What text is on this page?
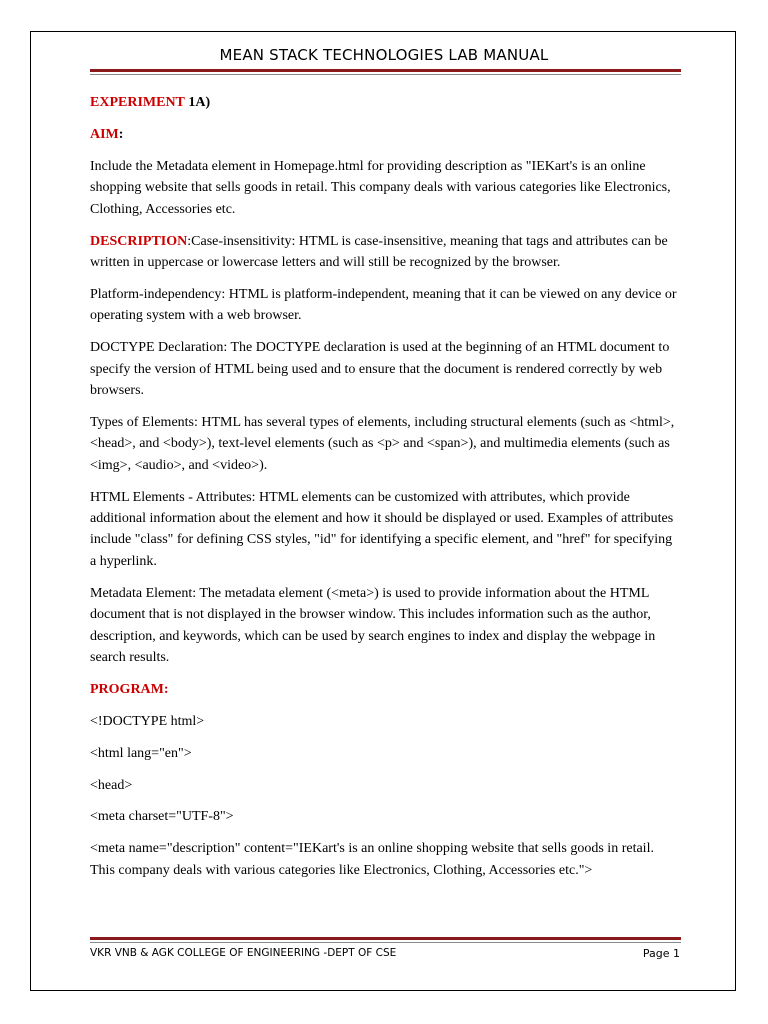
MEAN STACK TECHNOLOGIES LAB MANUAL

EXPERIMENT 1A)

AIM:

Include the Metadata element in Homepage.html for providing description as "IEKart's is an online shopping website that sells goods in retail. This company deals with various categories like Electronics, Clothing, Accessories etc.

DESCRIPTION:Case-insensitivity: HTML is case-insensitive, meaning that tags and attributes can be written in uppercase or lowercase letters and will still be recognized by the browser.

Platform-independency: HTML is platform-independent, meaning that it can be viewed on any device or operating system with a web browser.

DOCTYPE Declaration: The DOCTYPE declaration is used at the beginning of an HTML document to specify the version of HTML being used and to ensure that the document is rendered correctly by web browsers.

Types of Elements: HTML has several types of elements, including structural elements (such as <html>, <head>, and <body>), text-level elements (such as <p> and <span>), and multimedia elements (such as <img>, <audio>, and <video>).

HTML Elements - Attributes: HTML elements can be customized with attributes, which provide additional information about the element and how it should be displayed or used. Examples of attributes include "class" for defining CSS styles, "id" for identifying a specific element, and "href" for specifying a hyperlink.

Metadata Element: The metadata element (<meta>) is used to provide information about the HTML document that is not displayed in the browser window. This includes information such as the author, description, and keywords, which can be used by search engines to index and display the webpage in search results.

PROGRAM:

<!DOCTYPE html>

<html lang="en">

<head>

<meta charset="UTF-8">

<meta name="description" content="IEKart's is an online shopping website that sells goods in retail. This company deals with various categories like Electronics, Clothing, Accessories etc.">

VKR VNB & AGK COLLEGE OF ENGINEERING -DEPT OF CSE	Page 1
